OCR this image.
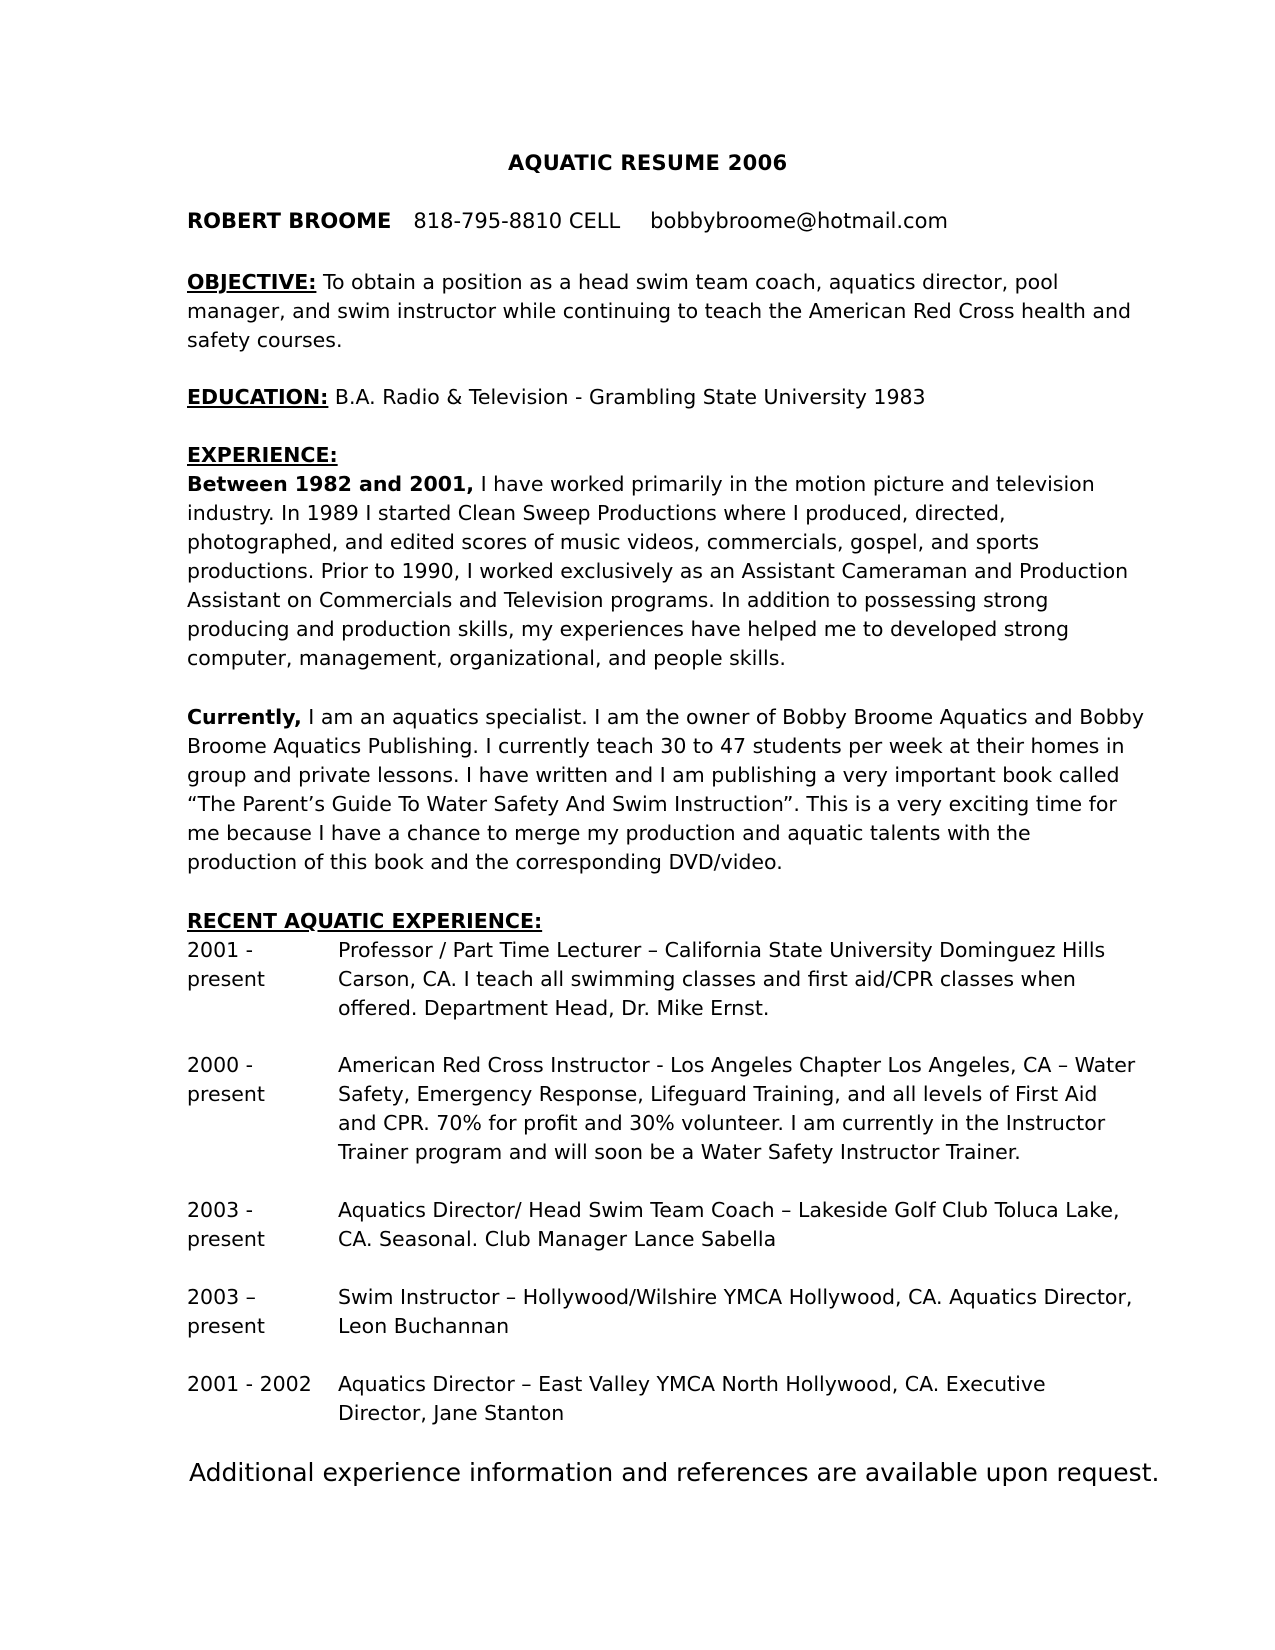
AQUATIC RESUME 2006
ROBERT BROOME 818-795-8810 CELL bobbybroome@hotmail.com
OBJECTIVE: To obtain a position as a head swim team coach, aquatics director, pool manager, and swim instructor while continuing to teach the American Red Cross health and safety courses.
EDUCATION: B.A. Radio & Television - Grambling State University 1983
EXPERIENCE:
Between 1982 and 2001, I have worked primarily in the motion picture and television industry. In 1989 I started Clean Sweep Productions where I produced, directed, photographed, and edited scores of music videos, commercials, gospel, and sports productions. Prior to 1990, I worked exclusively as an Assistant Cameraman and Production Assistant on Commercials and Television programs. In addition to possessing strong producing and production skills, my experiences have helped me to developed strong computer, management, organizational, and people skills.
Currently, I am an aquatics specialist. I am the owner of Bobby Broome Aquatics and Bobby Broome Aquatics Publishing. I currently teach 30 to 47 students per week at their homes in group and private lessons. I have written and I am publishing a very important book called “The Parent’s Guide To Water Safety And Swim Instruction”. This is a very exciting time for me because I have a chance to merge my production and aquatic talents with the production of this book and the corresponding DVD/video.
RECENT AQUATIC EXPERIENCE:
2001 - present
Professor / Part Time Lecturer – California State University Dominguez Hills Carson, CA. I teach all swimming classes and first aid/CPR classes when offered. Department Head, Dr. Mike Ernst.
2000 - present
American Red Cross Instructor - Los Angeles Chapter Los Angeles, CA – Water Safety, Emergency Response, Lifeguard Training, and all levels of First Aid and CPR. 70% for profit and 30% volunteer. I am currently in the Instructor Trainer program and will soon be a Water Safety Instructor Trainer.
2003 - present
Aquatics Director/ Head Swim Team Coach – Lakeside Golf Club Toluca Lake, CA. Seasonal. Club Manager Lance Sabella
2003 – present
Swim Instructor – Hollywood/Wilshire YMCA Hollywood, CA. Aquatics Director, Leon Buchannan
2001 - 2002 Aquatics Director – East Valley YMCA North Hollywood, CA. Executive Director, Jane Stanton
Additional experience information and references are available upon request.
